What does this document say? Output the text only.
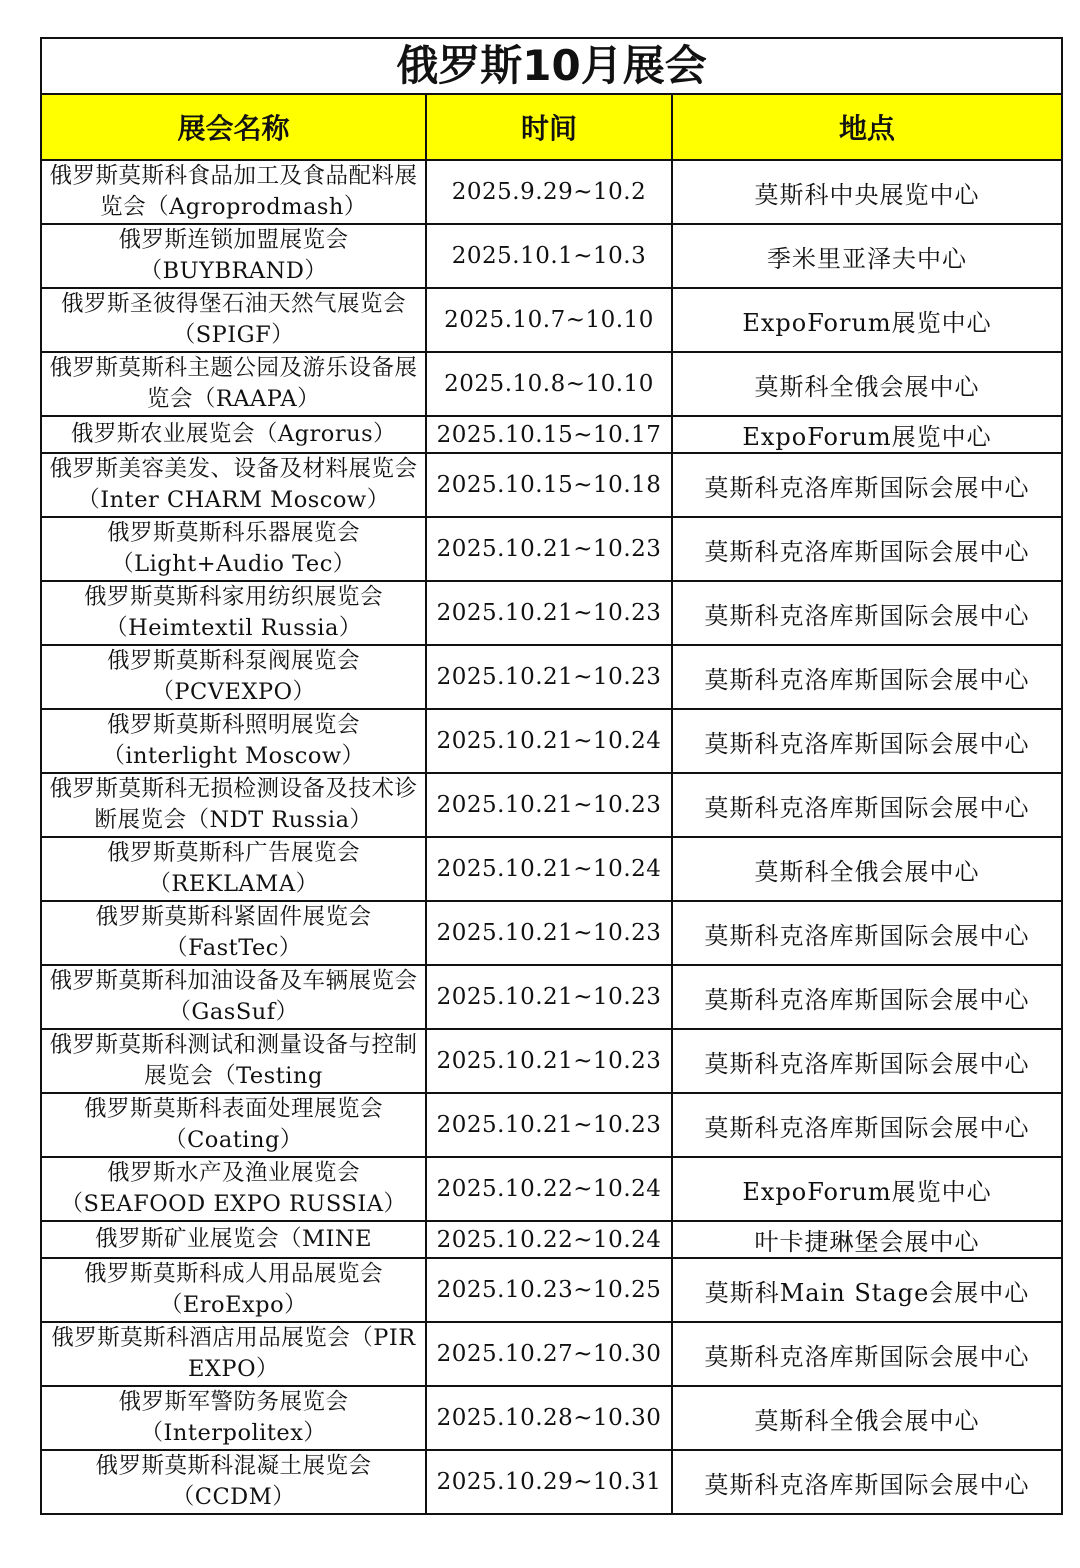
俄罗斯10月展会		
展会名称	时间	地点
俄罗斯莫斯科食品加工及食品配料展览会（Agroprodmash）	2025.9.29~10.2	莫斯科中央展览中心
俄罗斯连锁加盟展览会（BUYBRAND）	2025.10.1~10.3	季米里亚泽夫中心
俄罗斯圣彼得堡石油天然气展览会（SPIGF）	2025.10.7~10.10	ExpoForum展览中心
俄罗斯莫斯科主题公园及游乐设备展览会（RAAPA）	2025.10.8~10.10	莫斯科全俄会展中心
俄罗斯农业展览会（Agrorus）	2025.10.15~10.17	ExpoForum展览中心
俄罗斯美容美发、设备及材料展览会（Inter CHARM Moscow）	2025.10.15~10.18	莫斯科克洛库斯国际会展中心
俄罗斯莫斯科乐器展览会（Light+Audio Tec）	2025.10.21~10.23	莫斯科克洛库斯国际会展中心
俄罗斯莫斯科家用纺织展览会（Heimtextil Russia）	2025.10.21~10.23	莫斯科克洛库斯国际会展中心
俄罗斯莫斯科泵阀展览会（PCVEXPO）	2025.10.21~10.23	莫斯科克洛库斯国际会展中心
俄罗斯莫斯科照明展览会（interlight Moscow）	2025.10.21~10.24	莫斯科克洛库斯国际会展中心
俄罗斯莫斯科无损检测设备及技术诊断展览会（NDT Russia）	2025.10.21~10.23	莫斯科克洛库斯国际会展中心
俄罗斯莫斯科广告展览会（REKLAMA）	2025.10.21~10.24	莫斯科全俄会展中心
俄罗斯莫斯科紧固件展览会（FastTec）	2025.10.21~10.23	莫斯科克洛库斯国际会展中心
俄罗斯莫斯科加油设备及车辆展览会（GasSuf）	2025.10.21~10.23	莫斯科克洛库斯国际会展中心
俄罗斯莫斯科测试和测量设备与控制展览会（Testing	2025.10.21~10.23	莫斯科克洛库斯国际会展中心
俄罗斯莫斯科表面处理展览会（Coating）	2025.10.21~10.23	莫斯科克洛库斯国际会展中心
俄罗斯水产及渔业展览会（SEAFOOD EXPO RUSSIA）	2025.10.22~10.24	ExpoForum展览中心
俄罗斯矿业展览会（MINE	2025.10.22~10.24	叶卡捷琳堡会展中心
俄罗斯莫斯科成人用品展览会（EroExpo）	2025.10.23~10.25	莫斯科Main Stage会展中心
俄罗斯莫斯科酒店用品展览会（PIR EXPO）	2025.10.27~10.30	莫斯科克洛库斯国际会展中心
俄罗斯军警防务展览会（Interpolitex）	2025.10.28~10.30	莫斯科全俄会展中心
俄罗斯莫斯科混凝土展览会（CCDM）	2025.10.29~10.31	莫斯科克洛库斯国际会展中心
